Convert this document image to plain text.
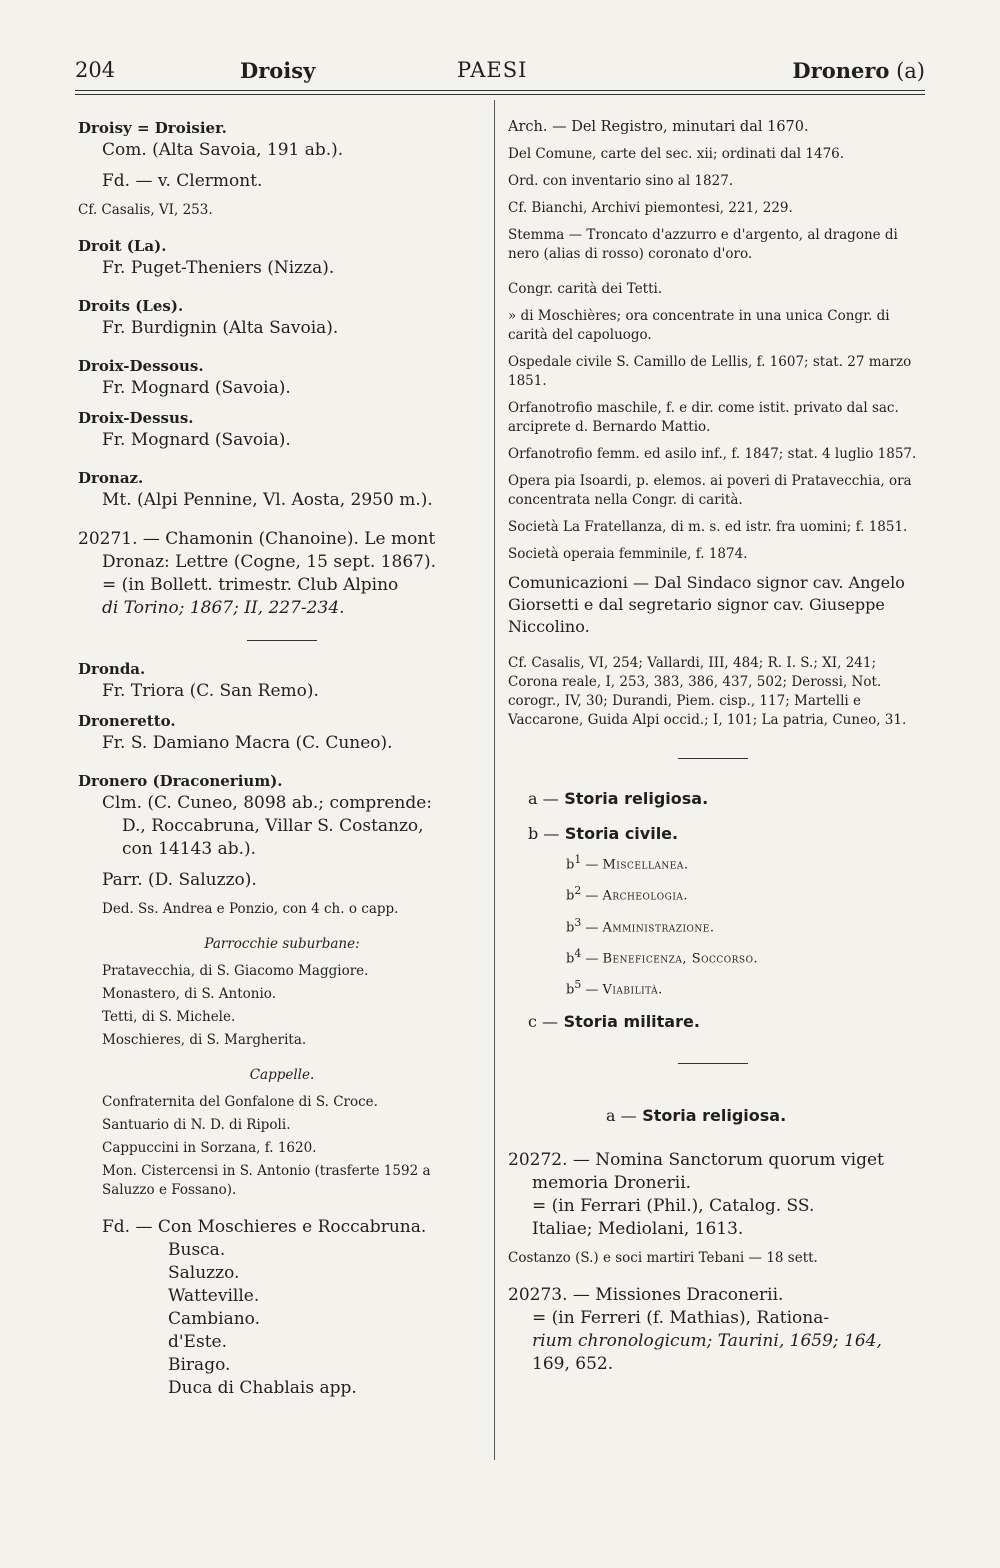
204	Droisy	PAESI	Dronero (a)

Droisy = Droisier.

Com. (Alta Savoia, 191 ab.).

Fd. — v. Clermont.

Cf. Casalis, VI, 253.

Droit (La).

Fr. Puget-Theniers (Nizza).

Droits (Les).

Fr. Burdignin (Alta Savoia).

Droix-Dessous.

Fr. Mognard (Savoia).

Droix-Dessus.

Fr. Mognard (Savoia).

Dronaz.

Mt. (Alpi Pennine, Vl. Aosta, 2950 m.).

20271. — Chamonin (Chanoine). Le mont

Dronaz: Lettre (Cogne, 15 sept. 1867).

= (in Bollett. trimestr. Club Alpino

di Torino; 1867; II, 227-234.

Dronda.

Fr. Triora (C. San Remo).

Droneretto.

Fr. S. Damiano Macra (C. Cuneo).

Dronero (Draconerium).

Clm. (C. Cuneo, 8098 ab.; comprende:

D., Roccabruna, Villar S. Costanzo,

con 14143 ab.).

Parr. (D. Saluzzo).

Ded. Ss. Andrea e Ponzio, con 4 ch. o capp.

Parrocchie suburbane:

Pratavecchia, di S. Giacomo Maggiore.

Monastero, di S. Antonio.

Tetti, di S. Michele.

Moschieres, di S. Margherita.

Cappelle.

Confraternita del Gonfalone di S. Croce.

Santuario di N. D. di Ripoli.

Cappuccini in Sorzana, f. 1620.

Mon. Cistercensi in S. Antonio (trasferte 1592 a Saluzzo e Fossano).

Fd. — Con Moschieres e Roccabruna.

Busca.

Saluzzo.

Watteville.

Cambiano.

d'Este.

Birago.

Duca di Chablais app.

Arch. — Del Registro, minutari dal 1670.

Del Comune, carte del sec. xii; ordinati dal 1476.

Ord. con inventario sino al 1827.

Cf. Bianchi, Archivi piemontesi, 221, 229.

Stemma — Troncato d'azzurro e d'argento, al dragone di nero (alias di rosso) coronato d'oro.

Congr. carità dei Tetti.

» di Moschières; ora concentrate in una unica Congr. di carità del capoluogo.

Ospedale civile S. Camillo de Lellis, f. 1607; stat. 27 marzo 1851.

Orfanotrofio maschile, f. e dir. come istit. privato dal sac. arciprete d. Bernardo Mattio.

Orfanotrofio femm. ed asilo inf., f. 1847; stat. 4 luglio 1857.

Opera pia Isoardi, p. elemos. ai poveri di Pratavecchia, ora concentrata nella Congr. di carità.

Società La Fratellanza, di m. s. ed istr. fra uomini; f. 1851.

Società operaia femminile, f. 1874.

Comunicazioni — Dal Sindaco signor cav. Angelo Giorsetti e dal segretario signor cav. Giuseppe Niccolino.

Cf. Casalis, VI, 254; Vallardi, III, 484; R. I. S.; XI, 241; Corona reale, I, 253, 383, 386, 437, 502; Derossi, Not. corogr., IV, 30; Durandi, Piem. cisp., 117; Martelli e Vaccarone, Guida Alpi occid.; I, 101; La patria, Cuneo, 31.

a — Storia religiosa.

b — Storia civile.

$b^1$ — Miscellanea.

$b^2$ — Archeologia.

$b^3$ — Amministrazione.

$b^4$ — Beneficenza, Soccorso.

$b^5$ — Viabilità.

c — Storia militare.

a — Storia religiosa.

20272. — Nomina Sanctorum quorum viget

memoria Dronerii.

= (in Ferrari (Phil.), Catalog. SS.

Italiae; Mediolani, 1613.

Costanzo (S.) e soci martiri Tebani — 18 sett.

20273. — Missiones Draconerii.

= (in Ferreri (f. Mathias), Rationa-

rium chronologicum; Taurini, 1659; 164,

169, 652.
